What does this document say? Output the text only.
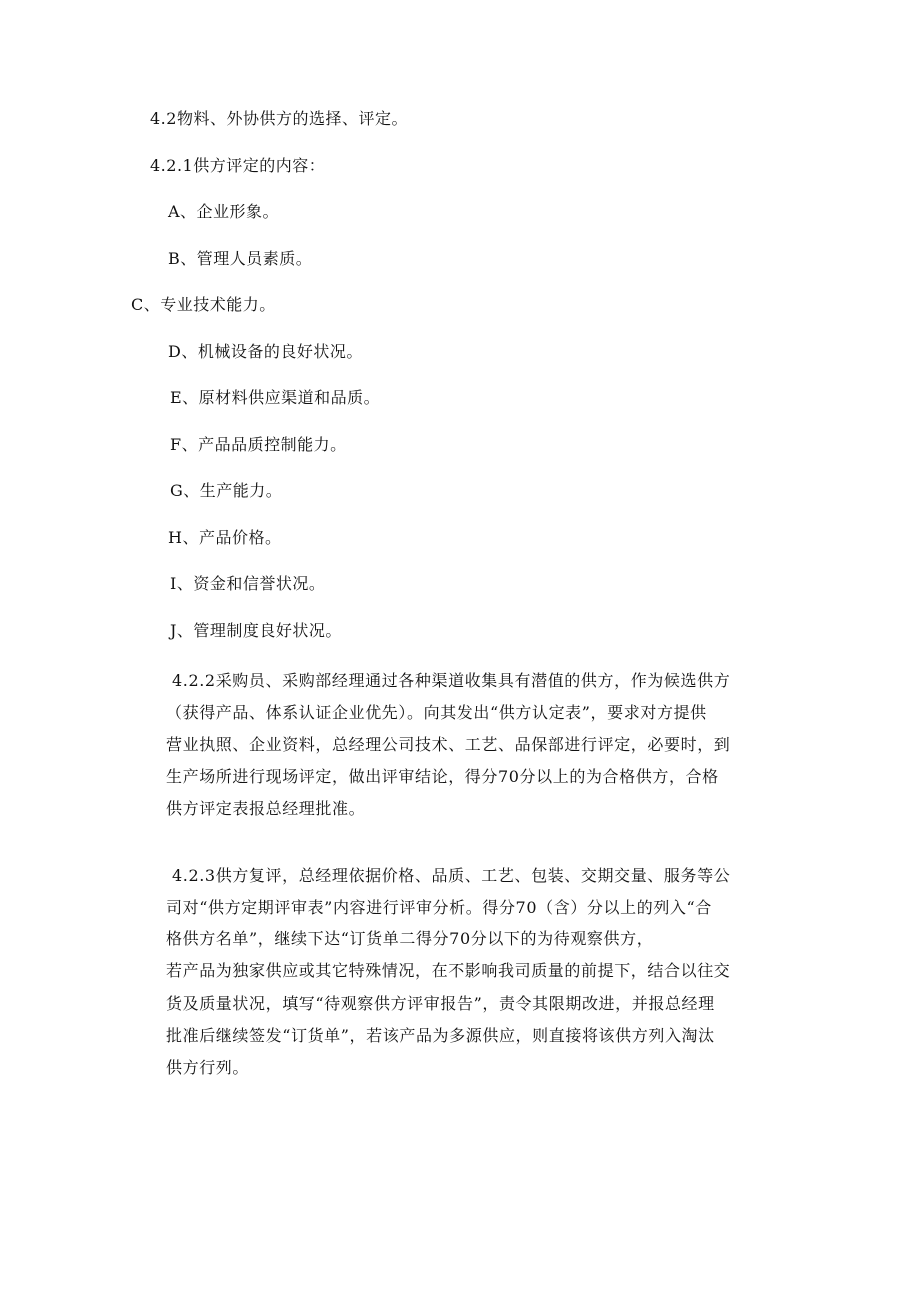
4.2物料、外协供方的选择、评定。
4.2.1供方评定的内容：
A、企业形象。
B、管理人员素质。
C、专业技术能力。
D、机械设备的良好状况。
E、原材料供应渠道和品质。
F、产品品质控制能力。
G、生产能力。
H、产品价格。
I、资金和信誉状况。
J、管理制度良好状况。
4.2.2采购员、采购部经理通过各种渠道收集具有潜值的供方，作为候选供方
（获得产品、体系认证企业优先）。向其发出“供方认定表”，要求对方提供
营业执照、企业资料，总经理公司技术、工艺、品保部进行评定，必要时，到
生产场所进行现场评定，做出评审结论，得分70分以上的为合格供方，合格
供方评定表报总经理批准。
4.2.3供方复评，总经理依据价格、品质、工艺、包装、交期交量、服务等公
司对“供方定期评审表”内容进行评审分析。得分70（含）分以上的列入“合
格供方名单”，继续下达“订货单二得分70分以下的为待观察供方，
若产品为独家供应或其它特殊情况，在不影响我司质量的前提下，结合以往交
货及质量状况，填写“待观察供方评审报告”，责令其限期改进，并报总经理
批准后继续签发“订货单”，若该产品为多源供应，则直接将该供方列入淘汰
供方行列。
